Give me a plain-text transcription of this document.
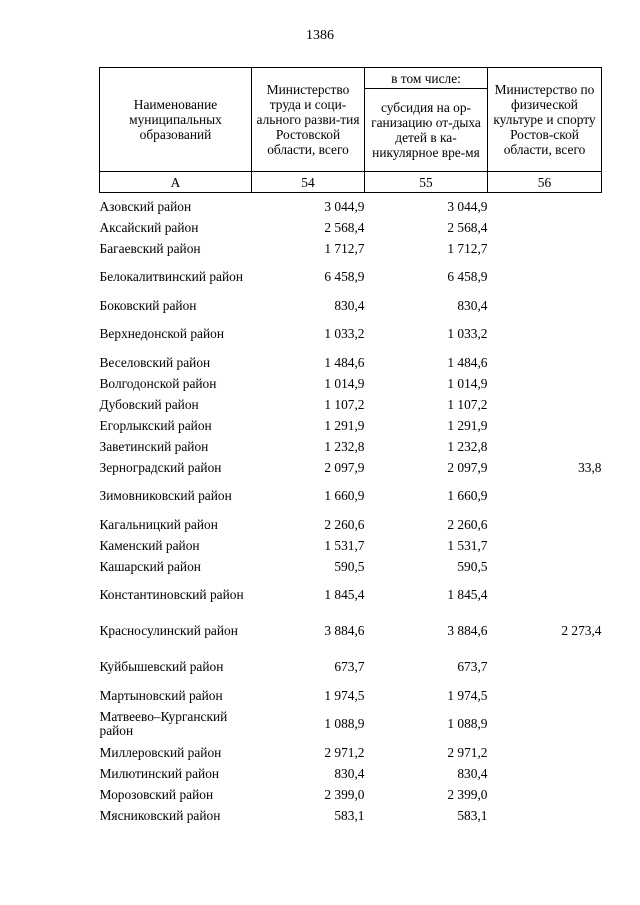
1386
Наименование муниципальных образований	Министерство труда и соци-ального разви-тия Ростовской области, всего	в том числе:	Министерство по физической культуре и спорту Ростов-ской области, всего
		субсидия на ор-ганизацию от-дыха детей в ка-никулярное вре-мя	
А	54	55	56

Азовский район	3 044,9	3 044,9	
Аксайский район	2 568,4	2 568,4	
Багаевский район	1 712,7	1 712,7	
Белокалитвинский район	6 458,9	6 458,9	
Боковский район	830,4	830,4	
Верхнедонской район	1 033,2	1 033,2	
Веселовский район	1 484,6	1 484,6	
Волгодонской район	1 014,9	1 014,9	
Дубовский район	1 107,2	1 107,2	
Егорлыкский район	1 291,9	1 291,9	
Заветинский район	1 232,8	1 232,8	
Зерноградский район	2 097,9	2 097,9	33,8
Зимовниковский район	1 660,9	1 660,9	
Кагальницкий район	2 260,6	2 260,6	
Каменский район	1 531,7	1 531,7	
Кашарский район	590,5	590,5	
Константиновский район	1 845,4	1 845,4	
Красносулинский район	3 884,6	3 884,6	2 273,4
Куйбышевский район	673,7	673,7	
Мартыновский район	1 974,5	1 974,5	
Матвеево–Курганский район	1 088,9	1 088,9	
Миллеровский район	2 971,2	2 971,2	
Милютинский район	830,4	830,4	
Морозовский район	2 399,0	2 399,0	
Мясниковский район	583,1	583,1	
